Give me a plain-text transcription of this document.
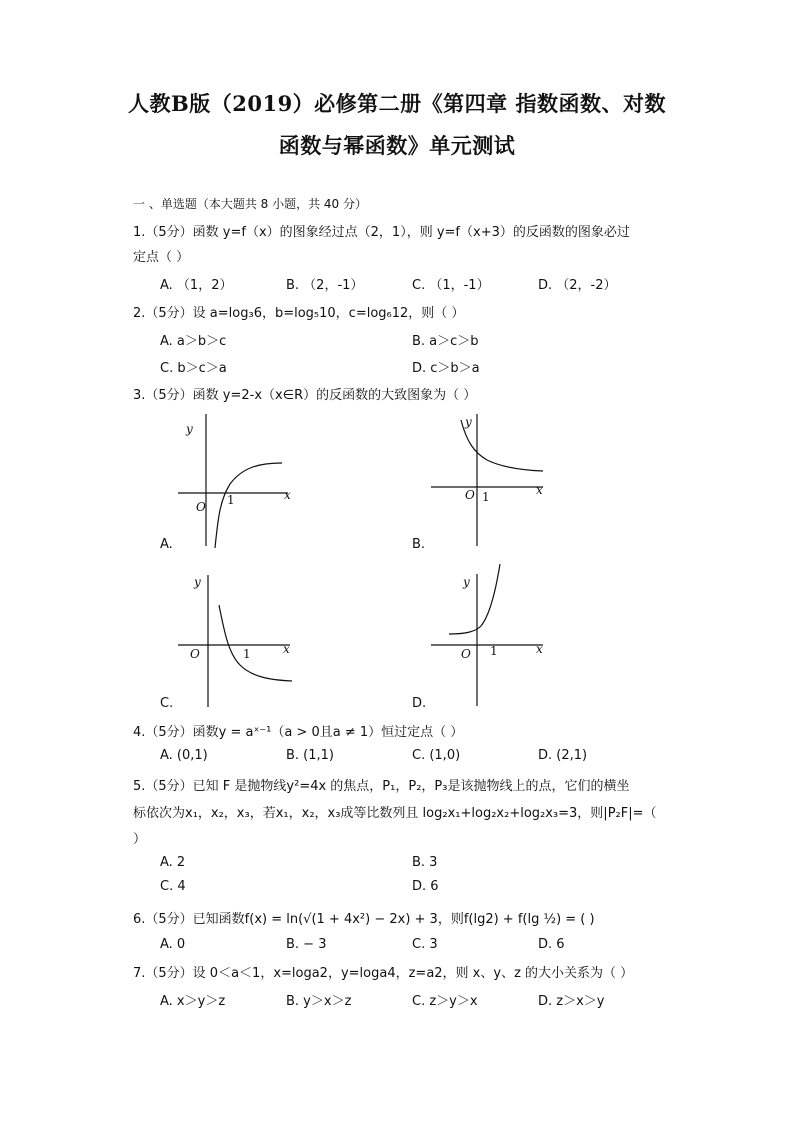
人教B版（2019）必修第二册《第四章 指数函数、对数
函数与幂函数》单元测试
一 、单选题（本大题共 8 小题，共 40 分）
1.（5分）函数 y=f（x）的图象经过点（2，1），则 y=f（x+3）的反函数的图象必过
定点（ ）
A. （1，2）	B. （2，-1）	C. （1，-1）	D. （2，-2）
2.（5分）设 a=log₃6，b=log₅10，c=log₆12，则（ ）
A. a＞b＞c	B. a＞c＞b
C. b＞c＞a	D. c＞b＞a
3.（5分）函数 y=2-x（x∈R）的反函数的大致图象为（ ）
y
x
O 1
A.
y
x
O 1
B.
y
x
O	1
C.
y
x
O 1
D.
4.（5分）函数y = aˣ⁻¹（a > 0且a ≠ 1）恒过定点（ ）
A. (0,1)	B. (1,1)	C. (1,0)	D. (2,1)
5.（5分）已知 F 是抛物线y²=4x 的焦点，P₁，P₂，P₃是该抛物线上的点，它们的横坐
标依次为x₁，x₂，x₃，若x₁，x₂，x₃成等比数列且 log₂x₁+log₂x₂+log₂x₃=3，则|P₂F|=（
）
A. 2	B. 3
C. 4	D. 6
6.（5分）已知函数f(x) = ln(√(1 + 4x²) − 2x) + 3，则f(lg2) + f(lg ½) = ( )
A. 0	B. − 3	C. 3	D. 6
7.（5分）设 0＜a＜1，x=loga2，y=loga4，z=a2，则 x、y、z 的大小关系为（ ）
A. x＞y＞z	B. y＞x＞z	C. z＞y＞x	D. z＞x＞y
